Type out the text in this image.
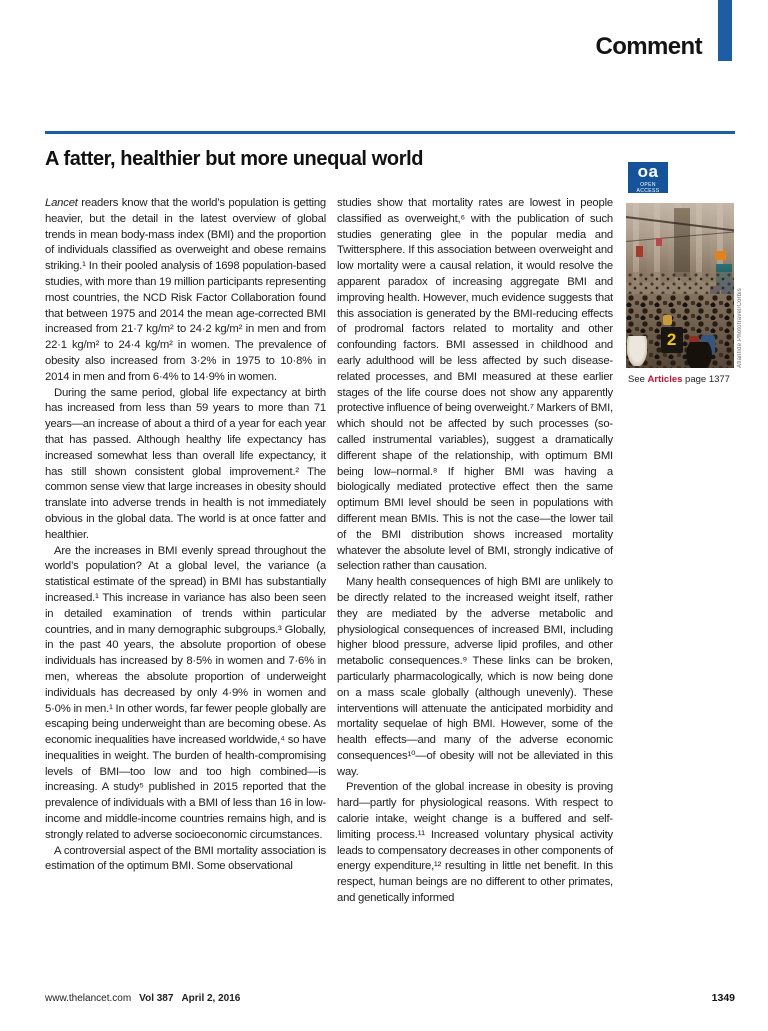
Comment
A fatter, healthier but more unequal world
oa
OPEN ACCESS

Lancet readers know that the world’s population is getting heavier, but the detail in the latest overview of global trends in mean body-mass index (BMI) and the proportion of individuals classified as overweight and obese remains striking.¹ In their pooled analysis of 1698 population-based studies, with more than 19 million participants representing most countries, the NCD Risk Factor Collaboration found that between 1975 and 2014 the mean age-corrected BMI increased from 21·7 kg/m² to 24·2 kg/m² in men and from 22·1 kg/m² to 24·4 kg/m² in women. The prevalence of obesity also increased from 3·2% in 1975 to 10·8% in 2014 in men and from 6·4% to 14·9% in women.

During the same period, global life expectancy at birth has increased from less than 59 years to more than 71 years—an increase of about a third of a year for each year that has passed. Although healthy life expectancy has increased somewhat less than overall life expectancy, it has still shown consistent global improvement.² The common sense view that large increases in obesity should translate into adverse trends in health is not immediately obvious in the global data. The world is at once fatter and healthier.

Are the increases in BMI evenly spread throughout the world’s population? At a global level, the variance (a statistical estimate of the spread) in BMI has substantially increased.¹ This increase in variance has also been seen in detailed examination of trends within particular countries, and in many demographic subgroups.³ Globally, in the past 40 years, the absolute proportion of obese individuals has increased by 8·5% in women and 7·6% in men, whereas the absolute proportion of underweight individuals has decreased by only 4·9% in women and 5·0% in men.¹ In other words, far fewer people globally are escaping being underweight than are becoming obese. As economic inequalities have increased worldwide,⁴ so have inequalities in weight. The burden of health-compromising levels of BMI—too low and too high combined—is increasing. A study⁵ published in 2015 reported that the prevalence of individuals with a BMI of less than 16 in low-income and middle-income countries remains high, and is strongly related to adverse socioeconomic circumstances.

A controversial aspect of the BMI mortality association is estimation of the optimum BMI. Some observational

studies show that mortality rates are lowest in people classified as overweight,⁶ with the publication of such studies generating glee in the popular media and Twittersphere. If this association between overweight and low mortality were a causal relation, it would resolve the apparent paradox of increasing aggregate BMI and improving health. However, much evidence suggests that this association is generated by the BMI-reducing effects of prodromal factors related to mortality and other confounding factors. BMI assessed in childhood and early adulthood will be less affected by such disease-related processes, and BMI measured at these earlier stages of the life course does not show any apparently protective influence of being overweight.⁷ Markers of BMI, which should not be affected by such processes (so-called instrumental variables), suggest a dramatically different shape of the relationship, with optimum BMI being low–normal.⁸ If higher BMI was having a biologically mediated protective effect then the same optimum BMI level should be seen in populations with different mean BMIs. This is not the case—the lower tail of the BMI distribution shows increased mortality whatever the absolute level of BMI, strongly indicative of selection rather than causation.

Many health consequences of high BMI are unlikely to be directly related to the increased weight itself, rather they are mediated by the adverse metabolic and physiological consequences of increased BMI, including higher blood pressure, adverse lipid profiles, and other metabolic consequences.⁹ These links can be broken, particularly pharmacologically, which is now being done on a mass scale globally (although unevenly). These interventions will attenuate the anticipated morbidity and mortality sequelae of high BMI. However, some of the health effects—and many of the adverse economic consequences¹⁰—of obesity will not be alleviated in this way.

Prevention of the global increase in obesity is proving hard—partly for physiological reasons. With respect to calorie intake, weight change is a buffered and self-limiting process.¹¹ Increased voluntary physical activity leads to compensatory decreases in other components of energy expenditure,¹² resulting in little net benefit. In this respect, human beings are no different to other primates, and genetically informed

2	Atlantide Phototravel/Corbis
See Articles page 1377
www.thelancet.com Vol 387 April 2, 2016	1349
